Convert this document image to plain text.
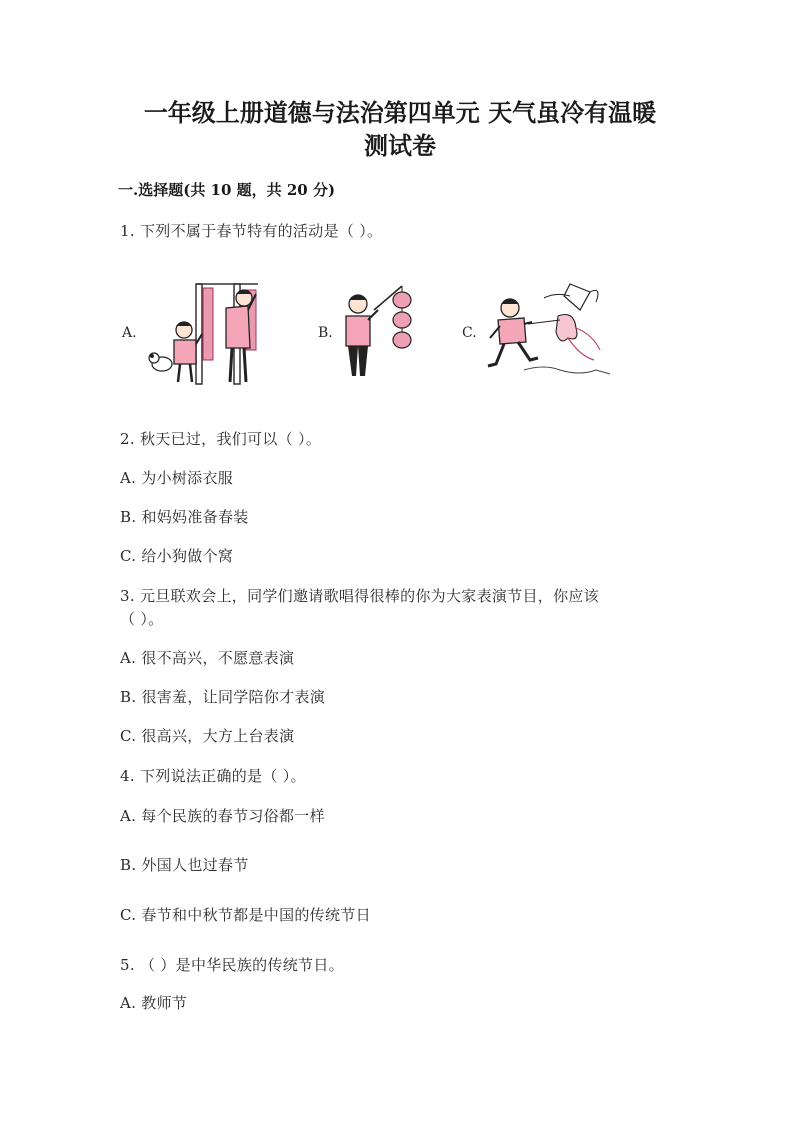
一年级上册道德与法治第四单元 天气虽冷有温暖
测试卷
一.选择题(共 10 题，共 20 分)
1. 下列不属于春节特有的活动是（ ）。
A.	B.	C.
2. 秋天已过，我们可以（ ）。
A. 为小树添衣服
B. 和妈妈准备春装
C. 给小狗做个窝
3. 元旦联欢会上，同学们邀请歌唱得很棒的你为大家表演节目，你应该
（ ）。
A. 很不高兴，不愿意表演
B. 很害羞，让同学陪你才表演
C. 很高兴，大方上台表演
4. 下列说法正确的是（ ）。
A. 每个民族的春节习俗都一样
B. 外国人也过春节
C. 春节和中秋节都是中国的传统节日
5. （ ）是中华民族的传统节日。
A. 教师节
